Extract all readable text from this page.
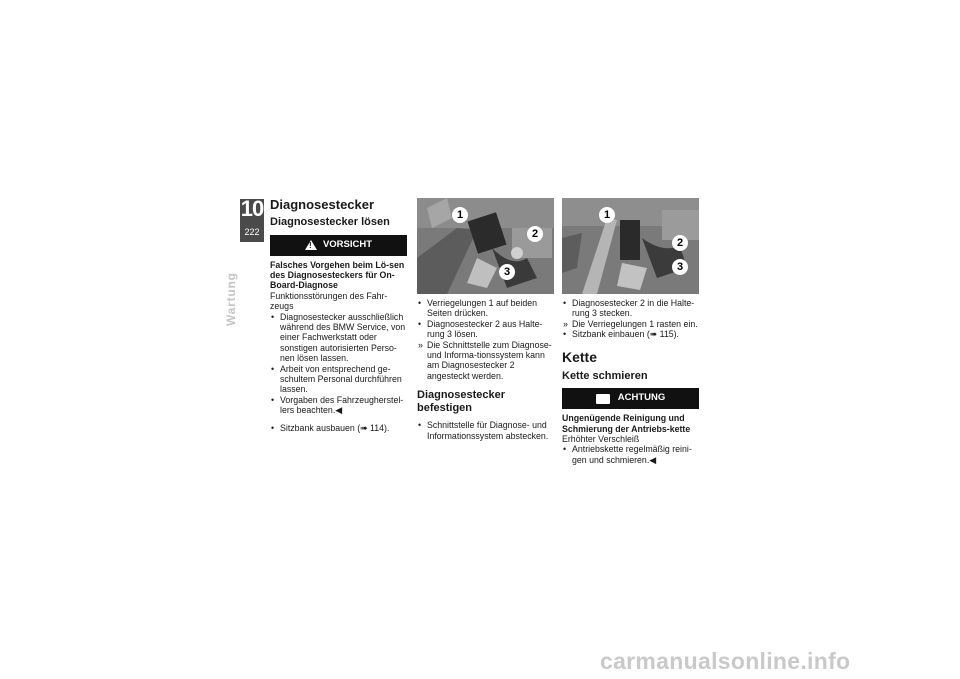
10
222
Wartung
Diagnosestecker
Diagnosestecker lösen
!
VORSICHT

Falsches Vorgehen beim Lö-sen des Diagnosesteckers für On-Board-Diagnose

Funktionsstörungen des Fahr-zeugs

• Diagnosestecker ausschließlich während des BMW Service, von einer Fachwerkstatt oder sonstigen autorisierten Perso-nen lösen lassen.
• Arbeit von entsprechend ge-schultem Personal durchführen lassen.
• Vorgaben des Fahrzeugherstel-lers beachten.◀
• Sitzbank ausbauen (➠ 114).
1
2
3
• Verriegelungen 1 auf beiden Seiten drücken.
• Diagnosestecker 2 aus Halte-rung 3 lösen.
» Die Schnittstelle zum Diagnose- und Informa-tionssystem kann am Diagnosestecker 2 angesteckt werden.
Diagnosestecker befestigen
• Schnittstelle für Diagnose- und Informationssystem abstecken.
1
2
3
• Diagnosestecker 2 in die Halte-rung 3 stecken.
» Die Verriegelungen 1 rasten ein.
• Sitzbank einbauen (➠ 115).
Kette
Kette schmieren
ACHTUNG

Ungenügende Reinigung und Schmierung der Antriebs-kette

Erhöhter Verschleiß

• Antriebskette regelmäßig reini-gen und schmieren.◀
carmanualsonline.info
